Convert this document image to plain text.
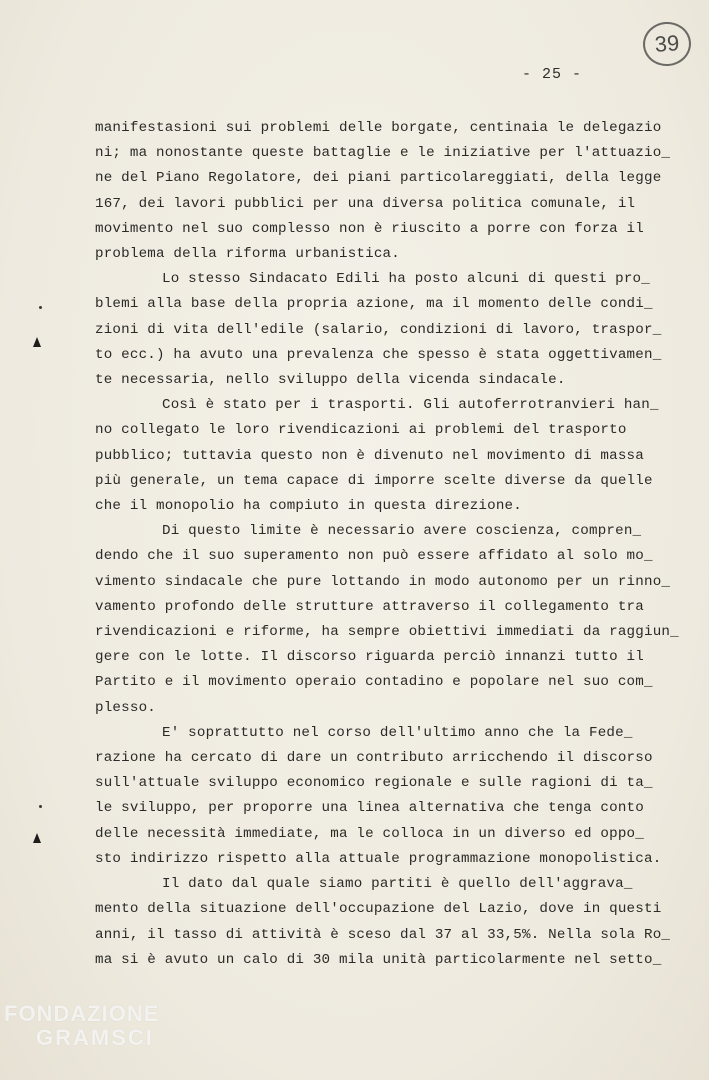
39
- 25 -
manifestasioni sui problemi delle borgate, centinaia le delegazio
ni; ma nonostante queste battaglie e le iniziative per l'attuazio_
ne del Piano Regolatore, dei piani particolareggiati, della legge
167, dei lavori pubblici per una diversa politica comunale, il
movimento nel suo complesso non è riuscito a porre con forza il
problema della riforma urbanistica.
Lo stesso Sindacato Edili ha posto alcuni di questi pro_
blemi alla base della propria azione, ma il momento delle condi_
zioni di vita dell'edile (salario, condizioni di lavoro, traspor_
to ecc.) ha avuto una prevalenza che spesso è stata oggettivamen_
te necessaria, nello sviluppo della vicenda sindacale.
Così è stato per i trasporti. Gli autoferrotranvieri han_
no collegato le loro rivendicazioni ai problemi del trasporto
pubblico; tuttavia questo non è divenuto nel movimento di massa
più generale, un tema capace di imporre scelte diverse da quelle
che il monopolio ha compiuto in questa direzione.
Di questo limite è necessario avere coscienza, compren_
dendo che il suo superamento non può essere affidato al solo mo_
vimento sindacale che pure lottando in modo autonomo per un rinno_
vamento profondo delle strutture attraverso il collegamento tra
rivendicazioni e riforme, ha sempre obiettivi immediati da raggiun_
gere con le lotte. Il discorso riguarda perciò innanzi tutto il
Partito e il movimento operaio contadino e popolare nel suo com_
plesso.
E' soprattutto nel corso dell'ultimo anno che la Fede_
razione ha cercato di dare un contributo arricchendo il discorso
sull'attuale sviluppo economico regionale e sulle ragioni di ta_
le sviluppo, per proporre una linea alternativa che tenga conto
delle necessità immediate, ma le colloca in un diverso ed oppo_
sto indirizzo rispetto alla attuale programmazione monopolistica.
Il dato dal quale siamo partiti è quello dell'aggrava_
mento della situazione dell'occupazione del Lazio, dove in questi
anni, il tasso di attività è sceso dal 37 al 33,5%. Nella sola Ro_
ma si è avuto un calo di 30 mila unità particolarmente nel setto_
FONDAZIONE
GRAMSCI
